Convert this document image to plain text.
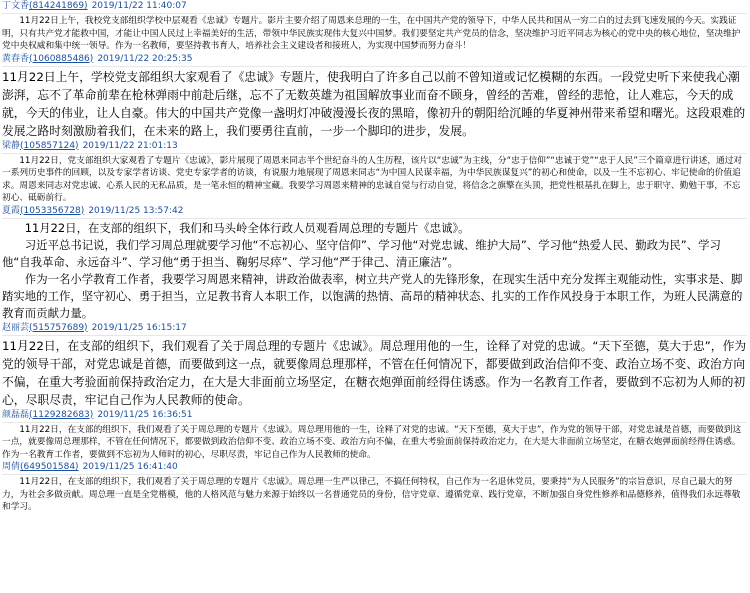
丁文香(814241869) 2019/11/22 11:40:07

11月22日上午，我校党支部组织学校中层观看《忠诚》专题片。影片主要介绍了周恩来总理的一生，在中国共产党的领导下，中华人民共和国从一穷二白的过去到飞速发展的今天。实践证明，只有共产党才能救中国，才能让中国人民过上幸福美好的生活，带领中华民族实现伟大复兴中国梦。我们要坚定共产党员的信念，坚决维护习近平同志为核心的党中央的核心地位，坚决维护党中央权威和集中统一领导。作为一名教师，要坚持教书育人，培养社会主义建设者和接班人，为实现中国梦而努力奋斗！

黄春香(1060885486) 2019/11/22 20:25:35

11月22日上午，学校党支部组织大家观看了《忠诚》专题片，使我明白了许多自己以前不曾知道或记忆模糊的东西。一段党史听下来使我心潮澎湃，忘不了革命前辈在枪林弹雨中前赴后继，忘不了无数英雄为祖国解放事业而奋不顾身，曾经的苦难，曾经的悲怆，让人难忘，今天的成就，今天的伟业，让人自豪。伟大的中国共产党像一盏明灯冲破漫漫长夜的黑暗，像初升的朝阳给沉睡的华夏神州带来希望和曙光。这段艰难的发展之路时刻激励着我们，在未来的路上，我们要勇往直前，一步一个脚印的进步，发展。

梁静(105857124) 2019/11/22 21:01:13

11月22日，党支部组织大家观看了专题片《忠诚》，影片展现了周恩来同志半个世纪奋斗的人生历程，该片以“忠诚”为主线，分“忠于信仰”“忠诚于党”“忠于人民”三个篇章进行讲述，通过对一系列历史事件的回顾，以及专家学者访谈、党史专家学者的访谈，有说服力地展现了周恩来同志“为中国人民谋幸福，为中华民族谋复兴”的初心和使命，以及一生不忘初心、牢记使命的价值追求。周恩来同志对党忠诚、心系人民的无私品质，是一笔永恒的精神宝藏。我要学习周恩来精神的忠诚自觉与行动自觉，将信念之旗擎在头顶，把党性根基扎在脚上，忠于职守、勤勉干事，不忘初心、砥砺前行。

夏霞(1053356728) 2019/11/25 13:57:42

11月22日，在支部的组织下，我们和马头岭全体行政人员观看周总理的专题片《忠诚》。

习近平总书记说，我们学习周总理就要学习他“不忘初心、坚守信仰”、学习他“对党忠诚、维护大局”、学习他“热爱人民、勤政为民”、学习他“自我革命、永远奋斗”、学习他“勇于担当、鞠躬尽瘁”、学习他“严于律己、清正廉洁”。

作为一名小学教育工作者，我要学习周恩来精神，讲政治做表率，树立共产党人的先锋形象，在现实生活中充分发挥主观能动性，实事求是、脚踏实地的工作，坚守初心、勇于担当，立足教书育人本职工作，以饱满的热情、高昂的精神状态、扎实的工作作风投身于本职工作，为班人民满意的教育而贡献力量。

赵丽芸(515757689) 2019/11/25 16:15:17

11月22日，在支部的组织下，我们观看了关于周总理的专题片《忠诚》。周总理用他的一生，诠释了对党的忠诚。“天下至德，莫大于忠”，作为党的领导干部，对党忠诚是首德，而要做到这一点，就要像周总理那样，不管在任何情况下，都要做到政治信仰不变、政治立场不变、政治方向不偏，在重大考验面前保持政治定力，在大是大非面前立场坚定，在糖衣炮弹面前经得住诱惑。作为一名教育工作者，要做到不忘初为人师的初心，尽职尽责，牢记自己作为人民教师的使命。

颜磊磊(1129282683) 2019/11/25 16:36:51

11月22日，在支部的组织下，我们观看了关于周总理的专题片《忠诚》。周总理用他的一生，诠释了对党的忠诚。“天下至德，莫大于忠”，作为党的领导干部，对党忠诚是首德，而要做到这一点，就要像周总理那样，不管在任何情况下，都要做到政治信仰不变、政治立场不变、政治方向不偏，在重大考验面前保持政治定力，在大是大非面前立场坚定，在糖衣炮弹面前经得住诱惑。作为一名教育工作者，要做到不忘初为人师时的初心，尽职尽责，牢记自己作为人民教师的使命。

周倩(649501584) 2019/11/25 16:41:40

11月22日，在支部的组织下，我们观看了关于周总理的专题片《忠诚》。周总理一生严以律己，不搞任何特权，自己作为一名退休党员，要秉持“为人民服务”的宗旨意识，尽自己最大的努力，为社会多做贡献。周总理一直是全党楷模，他的人格风范与魅力来源于始终以一名普通党员的身份，信守党章、遵循党章、践行党章，不断加强自身党性修养和品德修养，值得我们永远尊敬和学习。
